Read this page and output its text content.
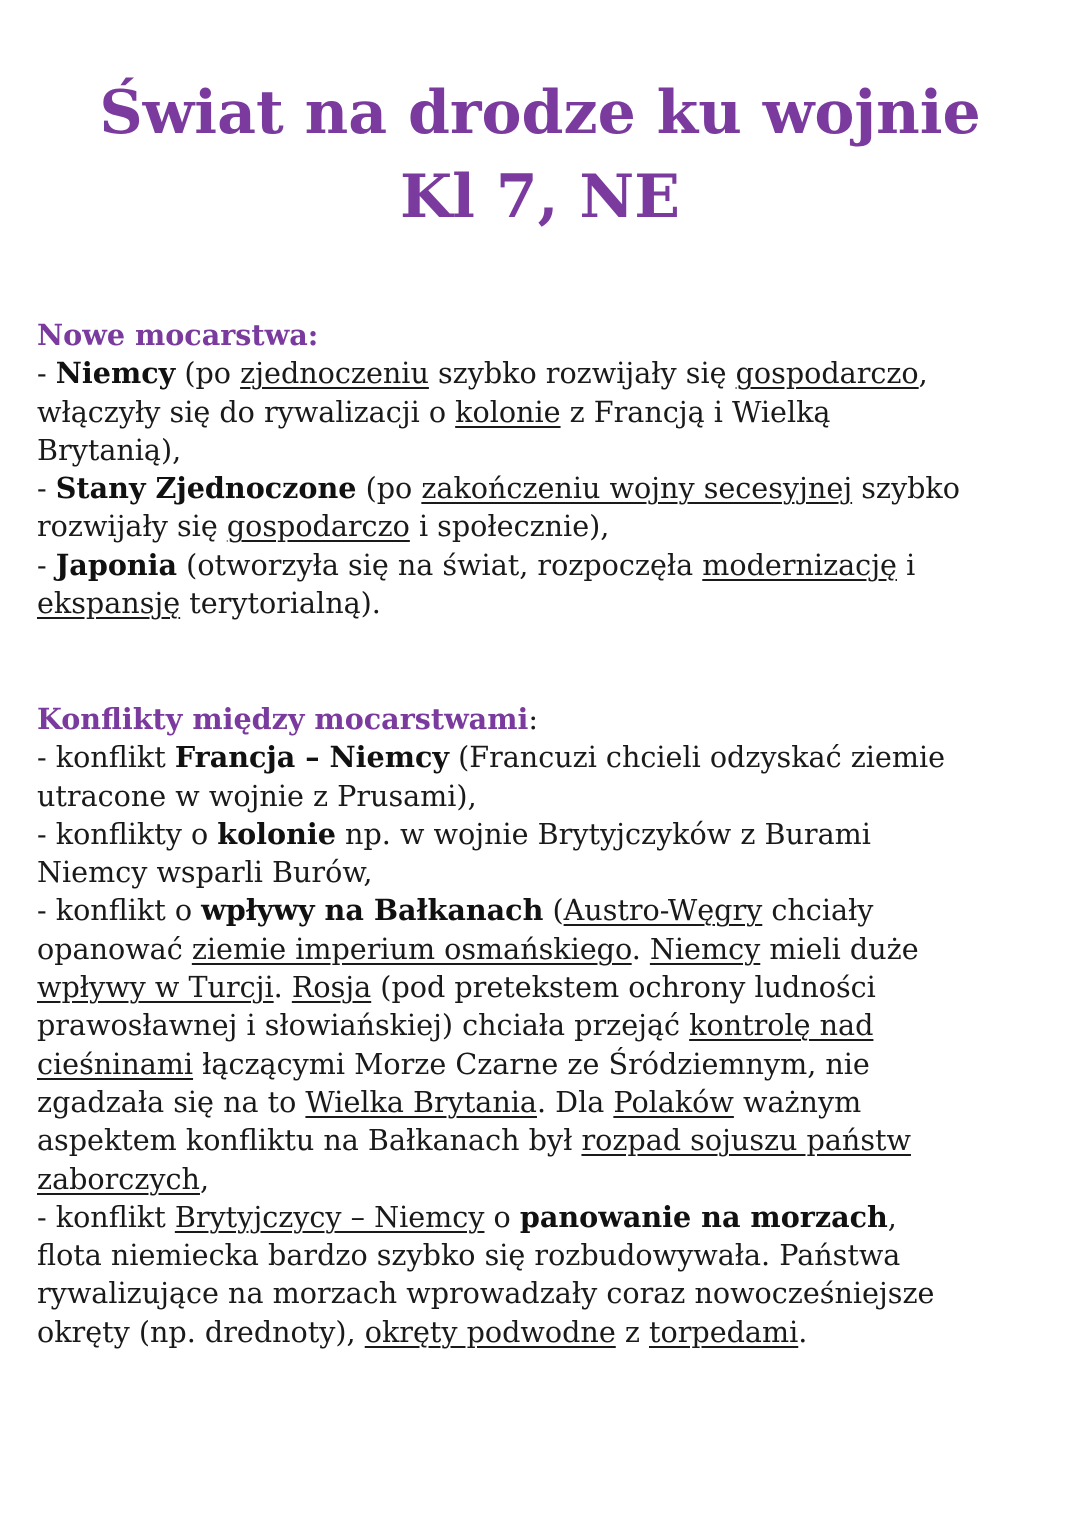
Świat na drodze ku wojnie
Kl 7, NE
Nowe mocarstwa:
- Niemcy (po zjednoczeniu szybko rozwijały się gospodarczo,
włączyły się do rywalizacji o kolonie z Francją i Wielką
Brytanią),
- Stany Zjednoczone (po zakończeniu wojny secesyjnej szybko
rozwijały się gospodarczo i społecznie),
- Japonia (otworzyła się na świat, rozpoczęła modernizację i
ekspansję terytorialną).
Konflikty między mocarstwami:
- konflikt Francja – Niemcy (Francuzi chcieli odzyskać ziemie
utracone w wojnie z Prusami),
- konflikty o kolonie np. w wojnie Brytyjczyków z Burami
Niemcy wsparli Burów,
- konflikt o wpływy na Bałkanach (Austro-Węgry chciały
opanować ziemie imperium osmańskiego. Niemcy mieli duże
wpływy w Turcji. Rosja (pod pretekstem ochrony ludności
prawosławnej i słowiańskiej) chciała przejąć kontrolę nad
cieśninami łączącymi Morze Czarne ze Śródziemnym, nie
zgadzała się na to Wielka Brytania. Dla Polaków ważnym
aspektem konfliktu na Bałkanach był rozpad sojuszu państw
zaborczych,
- konflikt Brytyjczycy – Niemcy o panowanie na morzach,
flota niemiecka bardzo szybko się rozbudowywała. Państwa
rywalizujące na morzach wprowadzały coraz nowocześniejsze
okręty (np. drednoty), okręty podwodne z torpedami.
